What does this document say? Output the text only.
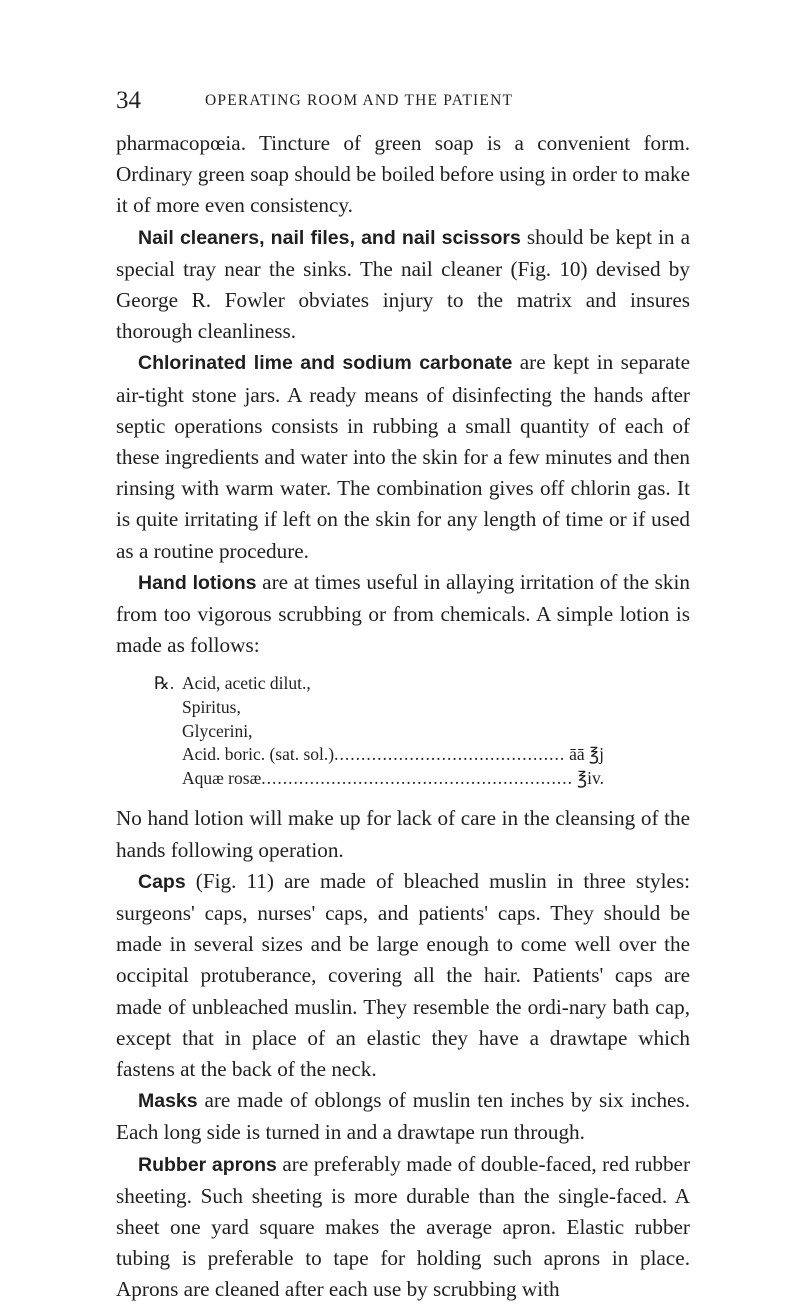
34	OPERATING ROOM AND THE PATIENT

pharmacopœia. Tincture of green soap is a convenient form. Ordinary green soap should be boiled before using in order to make it of more even consistency.

Nail cleaners, nail files, and nail scissors should be kept in a special tray near the sinks. The nail cleaner (Fig. 10) devised by George R. Fowler obviates injury to the matrix and insures thorough cleanliness.

Chlorinated lime and sodium carbonate are kept in separate air-tight stone jars. A ready means of disinfecting the hands after septic operations consists in rubbing a small quantity of each of these ingredients and water into the skin for a few minutes and then rinsing with warm water. The combination gives off chlorin gas. It is quite irritating if left on the skin for any length of time or if used as a routine procedure.

Hand lotions are at times useful in allaying irritation of the skin from too vigorous scrubbing or from chemicals. A simple lotion is made as follows:

℞. Acid, acetic dilut.,
Spiritus,
Glycerini,
Acid. boric. (sat. sol.) .....	āā ℥j
Aquæ rosæ .....	℥iv.

No hand lotion will make up for lack of care in the cleansing of the hands following operation.

Caps (Fig. 11) are made of bleached muslin in three styles: surgeons' caps, nurses' caps, and patients' caps. They should be made in several sizes and be large enough to come well over the occipital protuberance, covering all the hair. Patients' caps are made of unbleached muslin. They resemble the ordi-nary bath cap, except that in place of an elastic they have a drawtape which fastens at the back of the neck.

Masks are made of oblongs of muslin ten inches by six inches. Each long side is turned in and a drawtape run through.

Rubber aprons are preferably made of double-faced, red rubber sheeting. Such sheeting is more durable than the single-faced. A sheet one yard square makes the average apron. Elastic rubber tubing is preferable to tape for holding such aprons in place. Aprons are cleaned after each use by scrubbing with
